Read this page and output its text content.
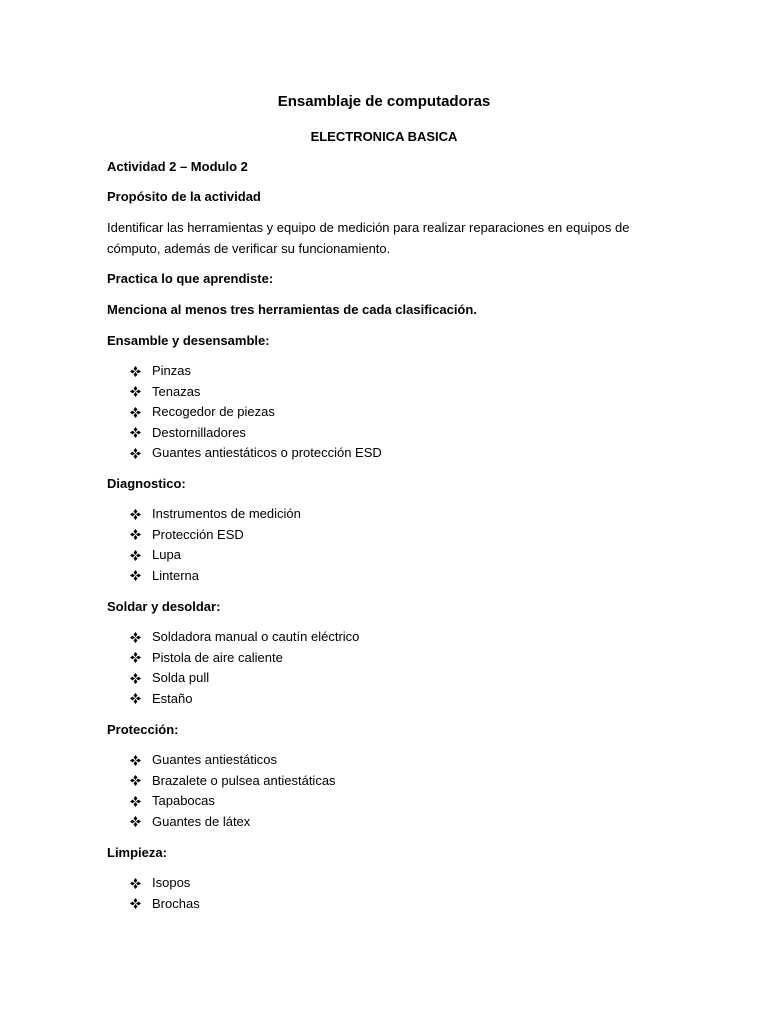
Ensamblaje de computadoras
ELECTRONICA BASICA
Actividad 2 – Modulo 2
Propósito de la actividad
Identificar las herramientas y equipo de medición para realizar reparaciones en equipos de cómputo, además de verificar su funcionamiento.
Practica lo que aprendiste:
Menciona al menos tres herramientas de cada clasificación.
Ensamble y desensamble:
Pinzas
Tenazas
Recogedor de piezas
Destornilladores
Guantes antiestáticos o protección ESD
Diagnostico:
Instrumentos de medición
Protección ESD
Lupa
Linterna
Soldar y desoldar:
Soldadora manual o cautín eléctrico
Pistola de aire caliente
Solda pull
Estaño
Protección:
Guantes antiestáticos
Brazalete o pulsea antiestáticas
Tapabocas
Guantes de látex
Limpieza:
Isopos
Brochas
